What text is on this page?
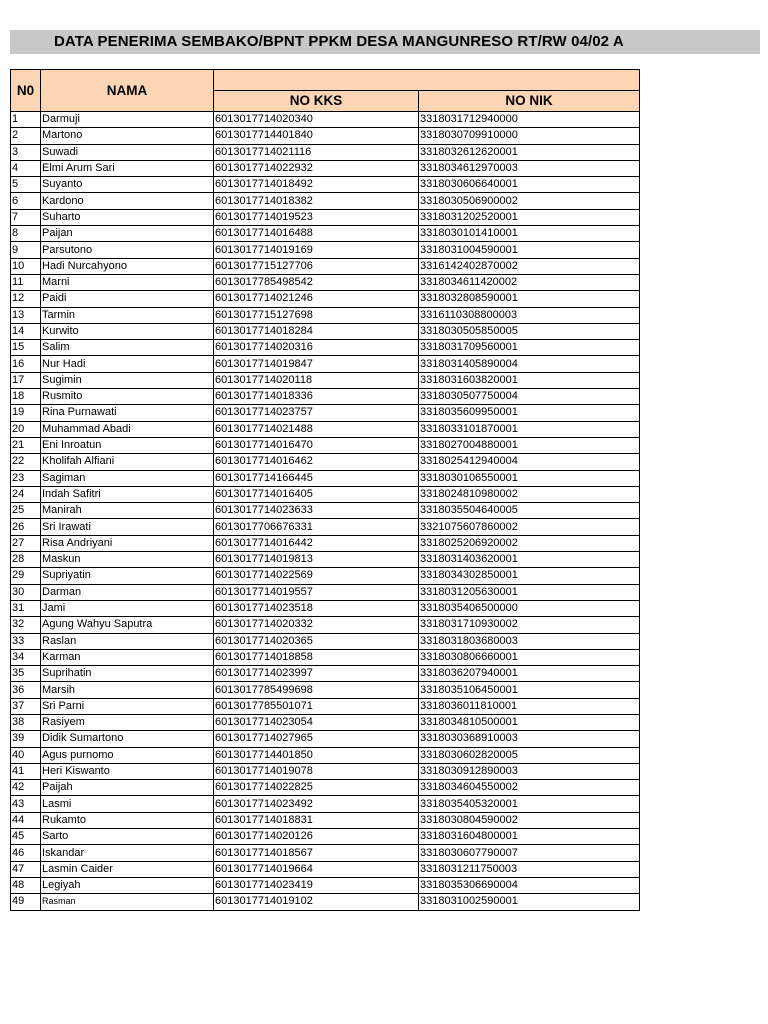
DATA PENERIMA SEMBAKO/BPNT PPKM DESA MANGUNRESO RT/RW 04/02 A
N0	NAMA		
		NO KKS	NO NIK
1	Darmuji	6013017714020340	3318031712940000
2	Martono	6013017714401840	3318030709910000
3	Suwadi	6013017714021116	3318032612620001
4	Elmi Arum Sari	6013017714022932	3318034612970003
5	Suyanto	6013017714018492	3318030606640001
6	Kardono	6013017714018382	3318030506900002
7	Suharto	6013017714019523	3318031202520001
8	Paijan	6013017714016488	3318030101410001
9	Parsutono	6013017714019169	3318031004590001
10	Hadi Nurcahyono	6013017715127706	3316142402870002
11	Marni	6013017785498542	3318034611420002
12	Paidi	6013017714021246	3318032808590001
13	Tarmin	6013017715127698	3316110308800003
14	Kurwito	6013017714018284	3318030505850005
15	Salim	6013017714020316	3318031709560001
16	Nur Hadi	6013017714019847	3318031405890004
17	Sugimin	6013017714020118	3318031603820001
18	Rusmito	6013017714018336	3318030507750004
19	Rina Purnawati	6013017714023757	3318035609950001
20	Muhammad Abadi	6013017714021488	3318033101870001
21	Eni Inroatun	6013017714016470	3318027004880001
22	Kholifah Alfiani	6013017714016462	3318025412940004
23	Sagiman	6013017714166445	3318030106550001
24	Indah Safitri	6013017714016405	3318024810980002
25	Manirah	6013017714023633	3318035504640005
26	Sri Irawati	6013017706676331	3321075607860002
27	Risa Andriyani	6013017714016442	3318025206920002
28	Maskun	6013017714019813	3318031403620001
29	Supriyatin	6013017714022569	3318034302850001
30	Darman	6013017714019557	3318031205630001
31	Jami	6013017714023518	3318035406500000
32	Agung Wahyu Saputra	6013017714020332	3318031710930002
33	Raslan	6013017714020365	3318031803680003
34	Karman	6013017714018858	3318030806660001
35	Suprihatin	6013017714023997	3318036207940001
36	Marsih	6013017785499698	3318035106450001
37	Sri Parni	6013017785501071	3318036011810001
38	Rasiyem	6013017714023054	3318034810500001
39	Didik Sumartono	6013017714027965	3318030368910003
40	Agus purnomo	6013017714401850	3318030602820005
41	Heri Kiswanto	6013017714019078	3318030912890003
42	Paijah	6013017714022825	3318034604550002
43	Lasmi	6013017714023492	3318035405320001
44	Rukamto	6013017714018831	3318030804590002
45	Sarto	6013017714020126	3318031604800001
46	Iskandar	6013017714018567	3318030607790007
47	Lasmin Caider	6013017714019664	3318031211750003
48	Legiyah	6013017714023419	3318035306690004
49	Rasman	6013017714019102	3318031002590001
